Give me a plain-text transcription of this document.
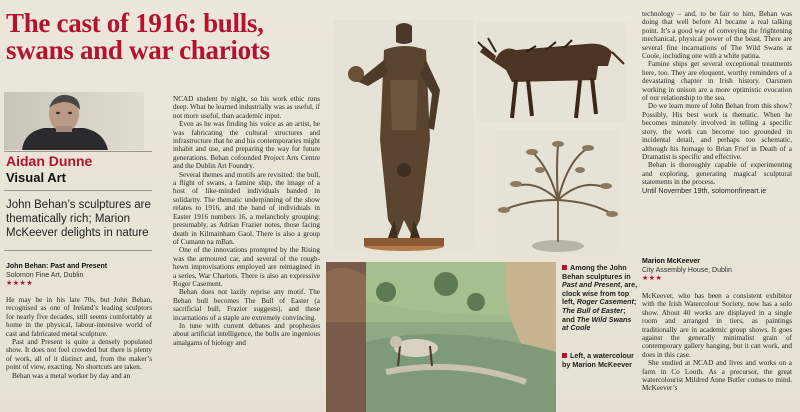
The cast of 1916: bulls, swans and war chariots
Aidan Dunne
Visual Art
John Behan’s sculptures are thematically rich; Marion McKeever delights in nature
John Behan: Past and Present
Solomon Fine Art, Dublin
★★★★

He may be in his late 70s, but John Behan, recognised as one of Ireland’s leading sculptors for nearly five decades, still seems comfortably at home in the physical, labour-intensive world of cast and fabricated metal sculpture.

Past and Present is quite a densely populated show. It does not feel crowded but there is plenty of work, all of it distinct and, from the maker’s point of view, exacting. No shortcuts are taken.

Behan was a metal worker by day and an

NCAD student by night, so his work ethic runs deep. What he learned industrially was as useful, if not more useful, than academic input.

Even as he was finding his voice as an artist, he was fabricating the cultural structures and infrastructure that he and his contemporaries might inhabit and use, and preparing the way for future generations. Behan cofounded Project Arts Centre and the Dublin Art Foundry.

Several themes and motifs are revisited: the bull, a flight of swans, a famine ship, the image of a host of like-minded individuals banded in solidarity. The thematic underpinning of the show relates to 1916, and the band of individuals in Easter 1916 numbers 16, a melancholy grouping: presumably, as Adrian Frazier notes, those facing death in Kilmainham Gaol. There is also a group of Cumann na mBan.

One of the innovations prompted by the Rising was the armoured car, and several of the rough-hewn improvisations employed are reimagined in a series, War Chariots. There is also an expressive Roger Casement.

Behan does not lazily reprise any motif. The Behan bull becomes The Bull of Easter (a sacrificial bull, Frazier suggests), and these incarnations of a staple are extremely convincing.

In tune with current debates and prophesies about artificial intelligence, the bulls are ingenious amalgams of biology and

technology – and, to be fair to him, Behan was doing that well before AI became a real talking point. It’s a good way of conveying the frightening mechanical, physical power of the beast. There are several fine incarnations of The Wild Swans at Coole, including one with a white patina.

Famine ships get several exceptional treatments here, too. They are eloquent, worthy reminders of a devastating chapter in Irish history. Oarsmen working in unison are a more optimistic evocation of our relationship to the sea.

Do we learn more of John Behan from this show? Possibly. His best work is thematic. When he becomes minutely involved in telling a specific story, the work can become too grounded in incidental detail, and perhaps too schematic, although his homage to Brian Friel in Death of a Dramatist is specific and effective.

Behan is thoroughly capable of experimenting and exploring, generating magical sculptural statements in the process.

Until November 19th, solomonfineart.ie

Among the John Behan sculptures in Past and Present, are, clock wise from top left, Roger Casement; The Bull of Easter; and The Wild Swans at Coole
Left, a watercolour by Marion McKeever
Marion McKeever
City Assembly House, Dublin
★★★

McKeever, who has been a consistent exhibitor with the Irish Watercolour Society, now has a solo show. About 40 works are displayed in a single room and arranged in tiers, as paintings traditionally are in academic group shows. It goes against the generally minimalist grain of contemporary gallery hanging, but it can work, and does in this case.

She studied at NCAD and lives and works on a farm in Co Louth. As a precursor, the great watercolourist Mildred Anne Butler comes to mind. McKeever’s
